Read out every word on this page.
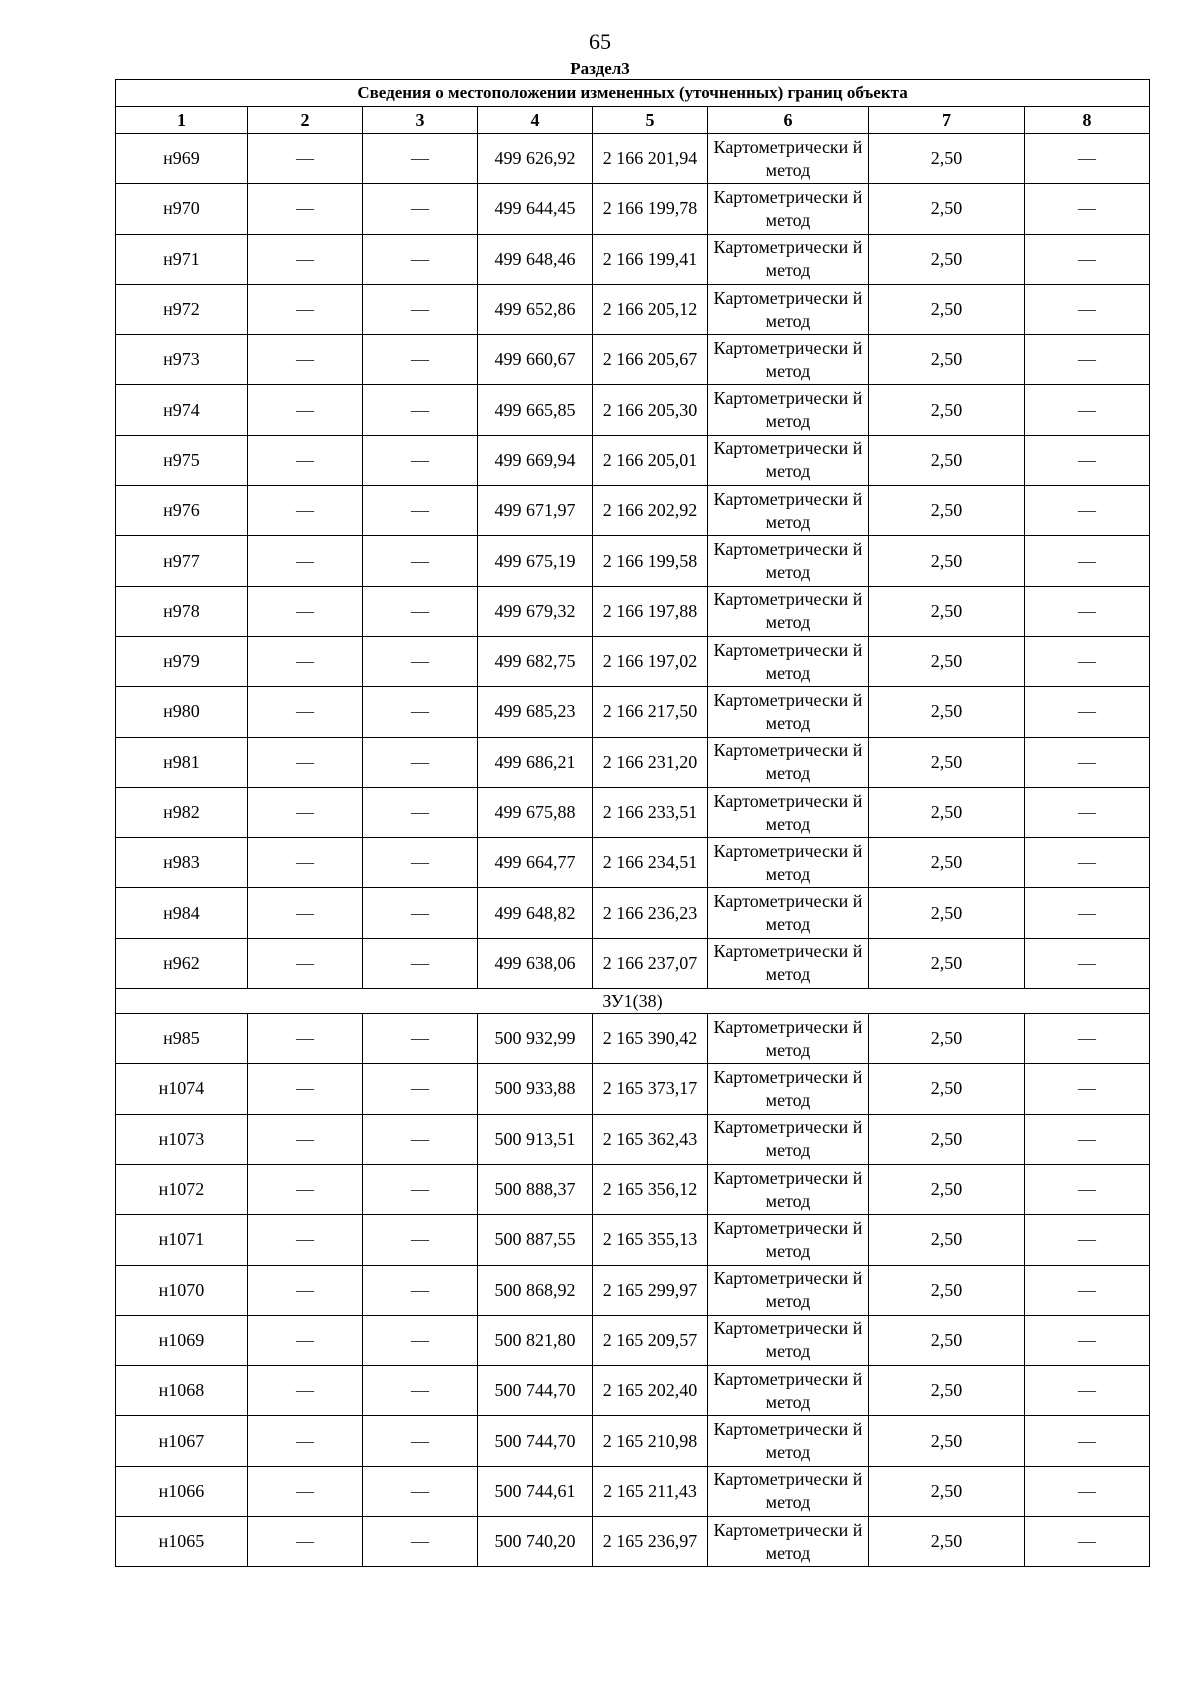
65
Раздел3
Сведения о местоположении измененных (уточненных) границ объекта							
1	2	3	4	5	6	7	8
н969	—	—	499 626,92	2 166 201,94	Картометрически й метод	2,50	—
н970	—	—	499 644,45	2 166 199,78	Картометрически й метод	2,50	—
н971	—	—	499 648,46	2 166 199,41	Картометрически й метод	2,50	—
н972	—	—	499 652,86	2 166 205,12	Картометрически й метод	2,50	—
н973	—	—	499 660,67	2 166 205,67	Картометрически й метод	2,50	—
н974	—	—	499 665,85	2 166 205,30	Картометрически й метод	2,50	—
н975	—	—	499 669,94	2 166 205,01	Картометрически й метод	2,50	—
н976	—	—	499 671,97	2 166 202,92	Картометрически й метод	2,50	—
н977	—	—	499 675,19	2 166 199,58	Картометрически й метод	2,50	—
н978	—	—	499 679,32	2 166 197,88	Картометрически й метод	2,50	—
н979	—	—	499 682,75	2 166 197,02	Картометрически й метод	2,50	—
н980	—	—	499 685,23	2 166 217,50	Картометрически й метод	2,50	—
н981	—	—	499 686,21	2 166 231,20	Картометрически й метод	2,50	—
н982	—	—	499 675,88	2 166 233,51	Картометрически й метод	2,50	—
н983	—	—	499 664,77	2 166 234,51	Картометрически й метод	2,50	—
н984	—	—	499 648,82	2 166 236,23	Картометрически й метод	2,50	—
н962	—	—	499 638,06	2 166 237,07	Картометрически й метод	2,50	—
ЗУ1(38)							
н985	—	—	500 932,99	2 165 390,42	Картометрически й метод	2,50	—
н1074	—	—	500 933,88	2 165 373,17	Картометрически й метод	2,50	—
н1073	—	—	500 913,51	2 165 362,43	Картометрически й метод	2,50	—
н1072	—	—	500 888,37	2 165 356,12	Картометрически й метод	2,50	—
н1071	—	—	500 887,55	2 165 355,13	Картометрически й метод	2,50	—
н1070	—	—	500 868,92	2 165 299,97	Картометрически й метод	2,50	—
н1069	—	—	500 821,80	2 165 209,57	Картометрически й метод	2,50	—
н1068	—	—	500 744,70	2 165 202,40	Картометрически й метод	2,50	—
н1067	—	—	500 744,70	2 165 210,98	Картометрически й метод	2,50	—
н1066	—	—	500 744,61	2 165 211,43	Картометрически й метод	2,50	—
н1065	—	—	500 740,20	2 165 236,97	Картометрически й метод	2,50	—
